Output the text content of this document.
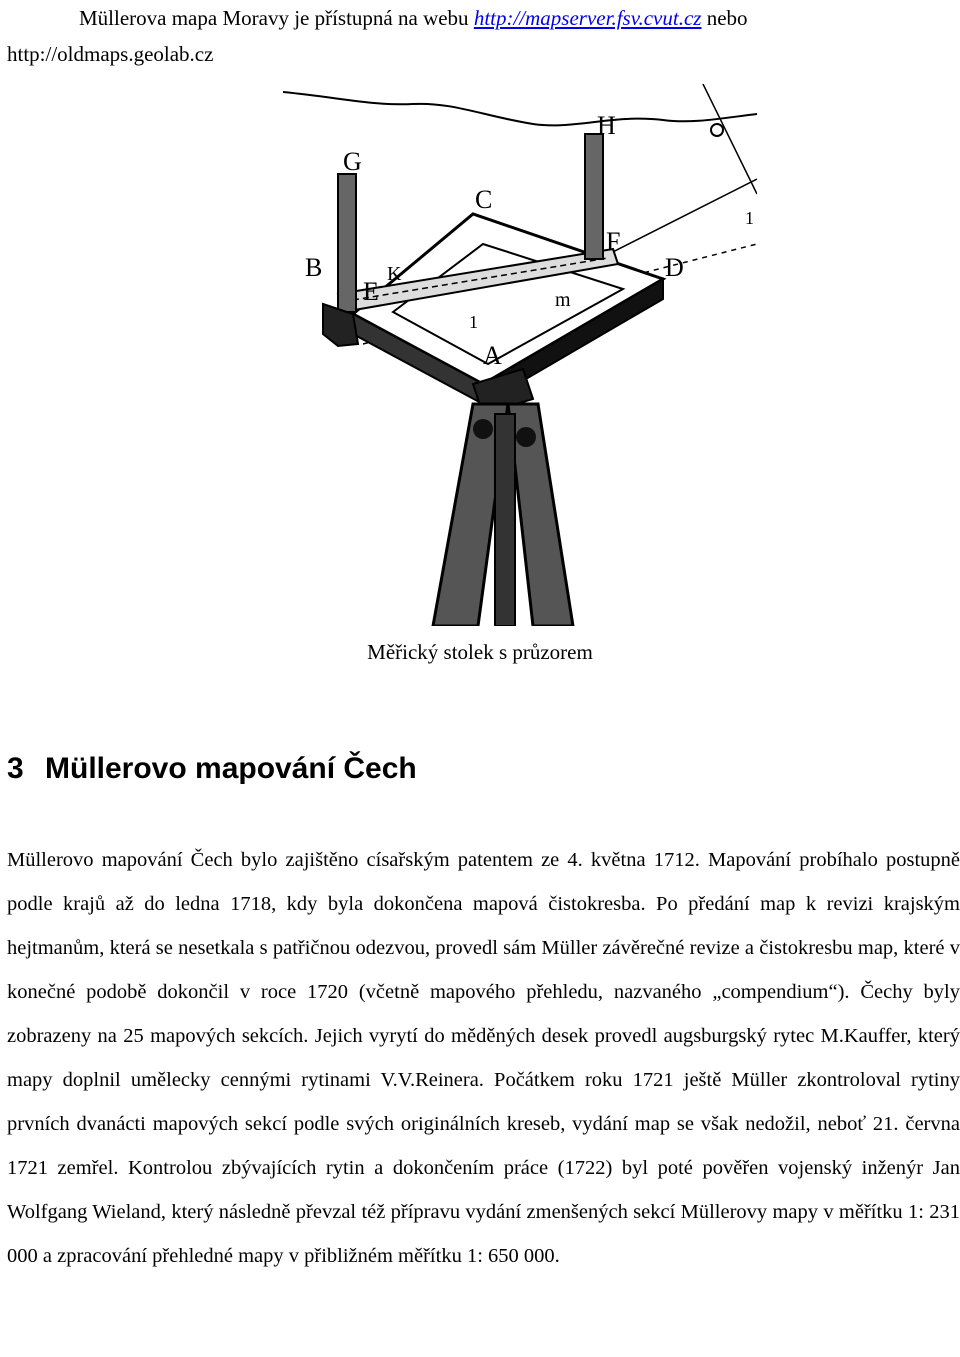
Müllerova mapa Moravy je přístupná na webu http://mapserver.fsv.cvut.cz nebo
http://oldmaps.geolab.cz
G
H
C
B	K
E
F
D
m
A
1
1
Měřický stolek s průzorem
3 Müllerovo mapování Čech

Müllerovo mapování Čech bylo zajištěno císařským patentem ze 4. května 1712. Mapování probíhalo postupně podle krajů až do ledna 1718, kdy byla dokončena mapová čistokresba. Po předání map k revizi krajským hejtmanům, která se nesetkala s patřičnou odezvou, provedl sám Müller závěrečné revize a čistokresbu map, které v konečné podobě dokončil v roce 1720 (včetně mapového přehledu, nazvaného „compendium“). Čechy byly zobrazeny na 25 mapových sekcích. Jejich vyrytí do měděných desek provedl augsburgský rytec M.Kauffer, který mapy doplnil umělecky cennými rytinami V.V.Reinera. Počátkem roku 1721 ještě Müller zkontroloval rytiny prvních dvanácti mapových sekcí podle svých originálních kreseb, vydání map se však nedožil, neboť 21. června 1721 zemřel. Kontrolou zbývajících rytin a dokončením práce (1722) byl poté pověřen vojenský inženýr Jan Wolfgang Wieland, který následně převzal též přípravu vydání zmenšených sekcí Müllerovy mapy v měřítku 1: 231 000 a zpracování přehledné mapy v přibližném měřítku 1: 650 000.
